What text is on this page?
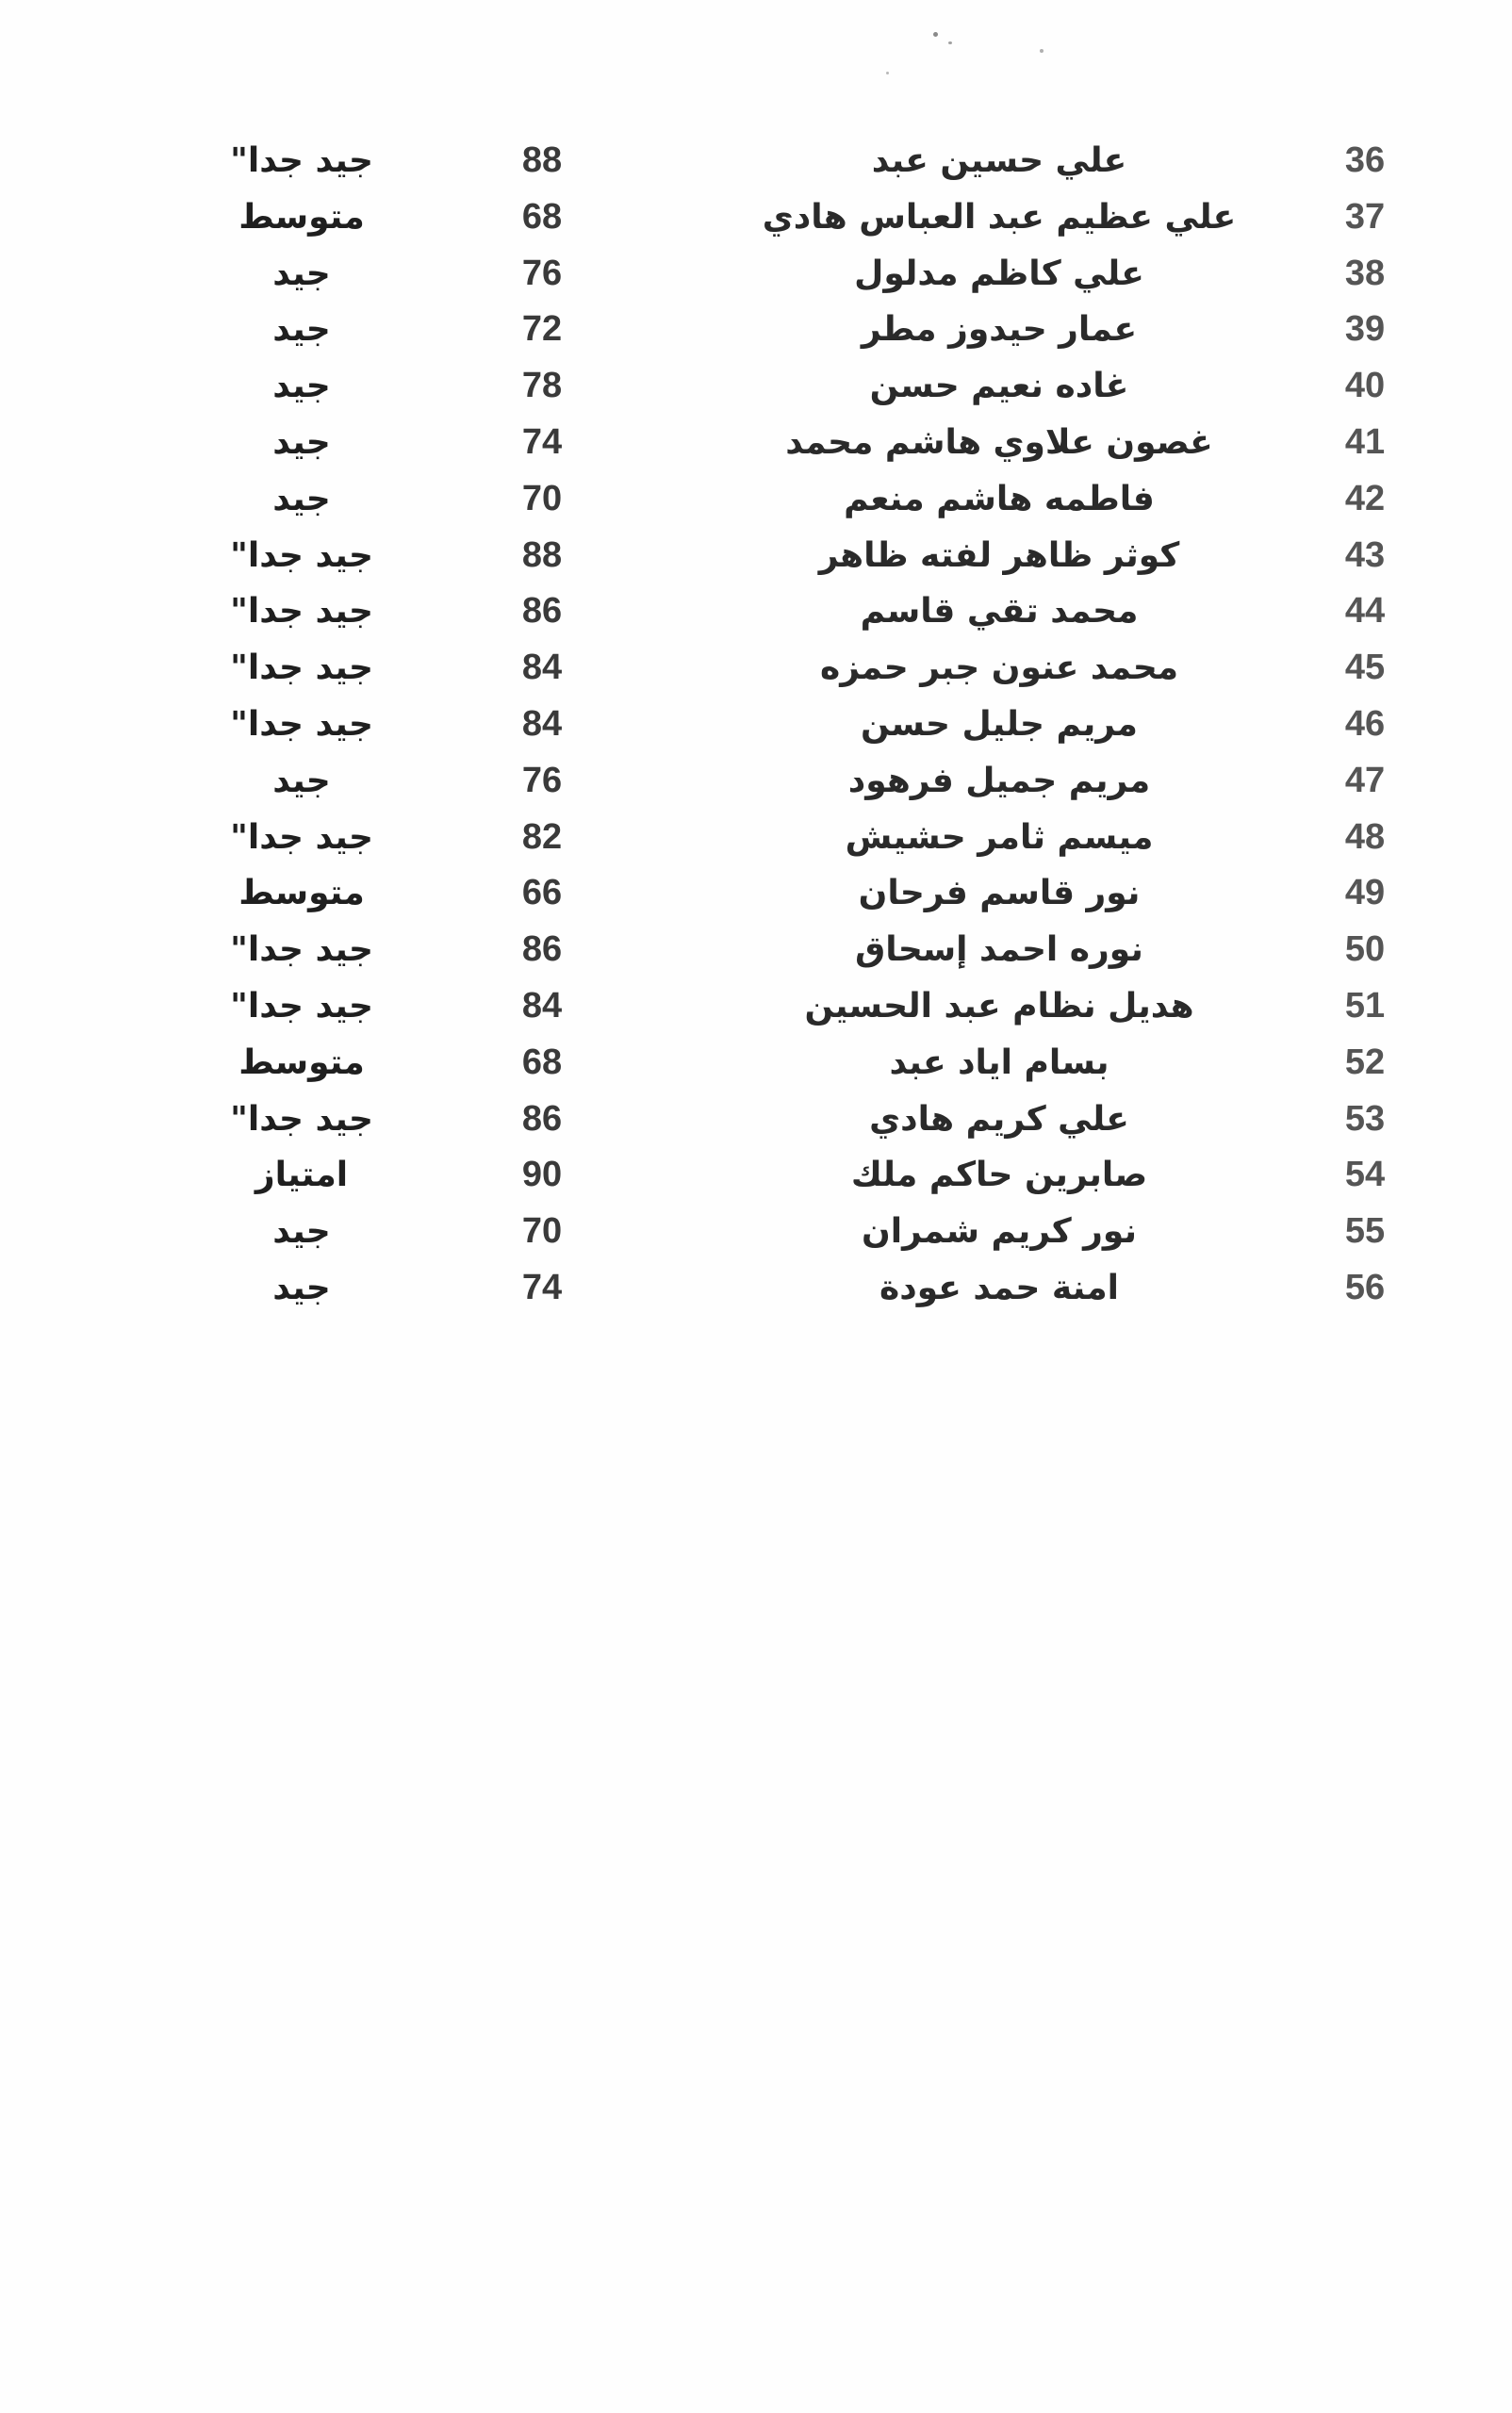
36
علي حسين عبد
88
جيد جدا"
37
علي عظيم عبد العباس هادي
68
متوسط
38
علي كاظم مدلول
76
جيد
39
عمار حيدوز مطر
72
جيد
40
غاده نعيم حسن
78
جيد
41
غصون علاوي هاشم محمد
74
جيد
42
فاطمه هاشم منعم
70
جيد
43
كوثر ظاهر لفته ظاهر
88
جيد جدا"
44
محمد تقي قاسم
86
جيد جدا"
45
محمد عنون جبر حمزه
84
جيد جدا"
46
مريم جليل حسن
84
جيد جدا"
47
مريم جميل فرهود
76
جيد
48
ميسم ثامر حشيش
82
جيد جدا"
49
نور قاسم فرحان
66
متوسط
50
نوره احمد إسحاق
86
جيد جدا"
51
هديل نظام عبد الحسين
84
جيد جدا"
52
بسام اياد عبد
68
متوسط
53
علي كريم هادي
86
جيد جدا"
54
صابرين حاكم ملك
90
امتياز
55
نور كريم شمران
70
جيد
56
امنة حمد عودة
74
جيد
